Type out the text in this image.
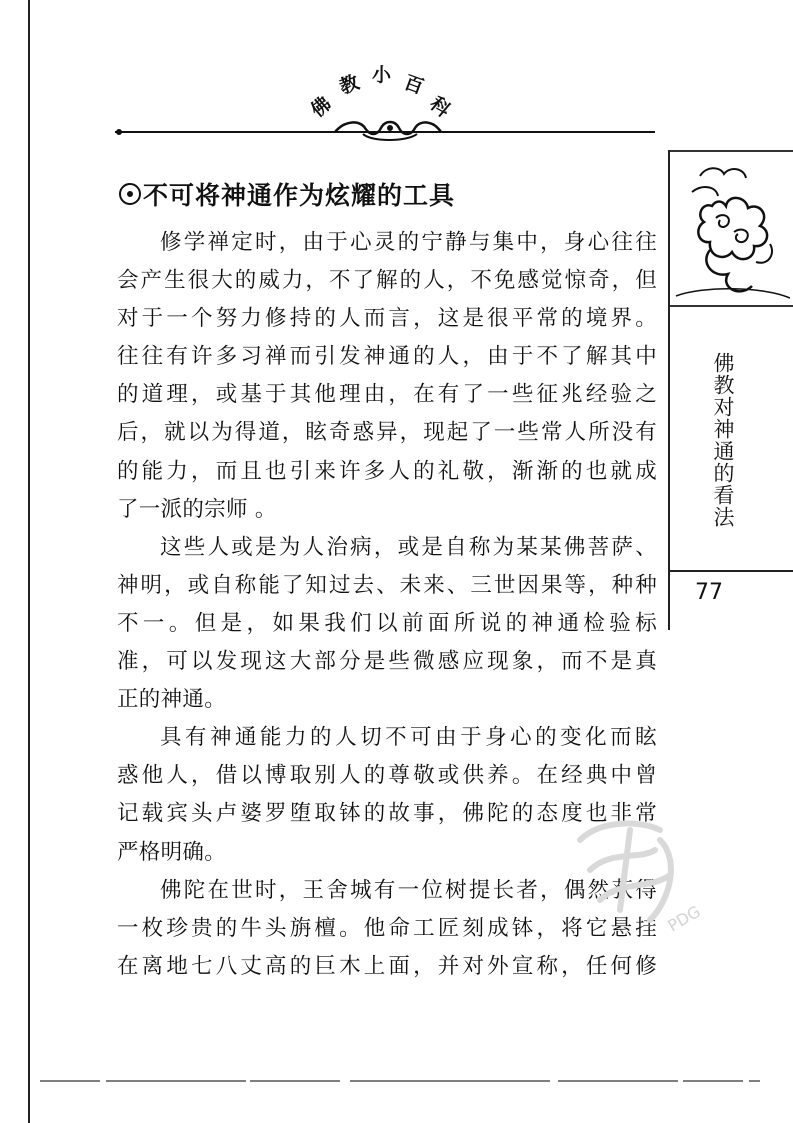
佛
教 小 百
科
不可将神通作为炫耀的工具

修学禅定时，由于心灵的宁静与集中，身心往往

会产生很大的威力，不了解的人，不免感觉惊奇，但

对于一个努力修持的人而言，这是很平常的境界。

往往有许多习禅而引发神通的人，由于不了解其中

的道理，或基于其他理由，在有了一些征兆经验之

后，就以为得道，眩奇惑异，现起了一些常人所没有

的能力，而且也引来许多人的礼敬，渐渐的也就成

了一派的宗师 。

这些人或是为人治病，或是自称为某某佛菩萨、

神明，或自称能了知过去、未来、三世因果等，种种

不一。但是，如果我们以前面所说的神通检验标

准，可以发现这大部分是些微感应现象，而不是真

正的神通。

具有神通能力的人切不可由于身心的变化而眩

惑他人，借以博取别人的尊敬或供养。在经典中曾

记载宾头卢婆罗堕取钵的故事，佛陀的态度也非常

严格明确。

佛陀在世时，王舍城有一位树提长者，偶然获得

一枚珍贵的牛头旃檀。他命工匠刻成钵，将它悬挂

在离地七八丈高的巨木上面，并对外宣称，任何修

佛教对神通的看法
77
PDG
